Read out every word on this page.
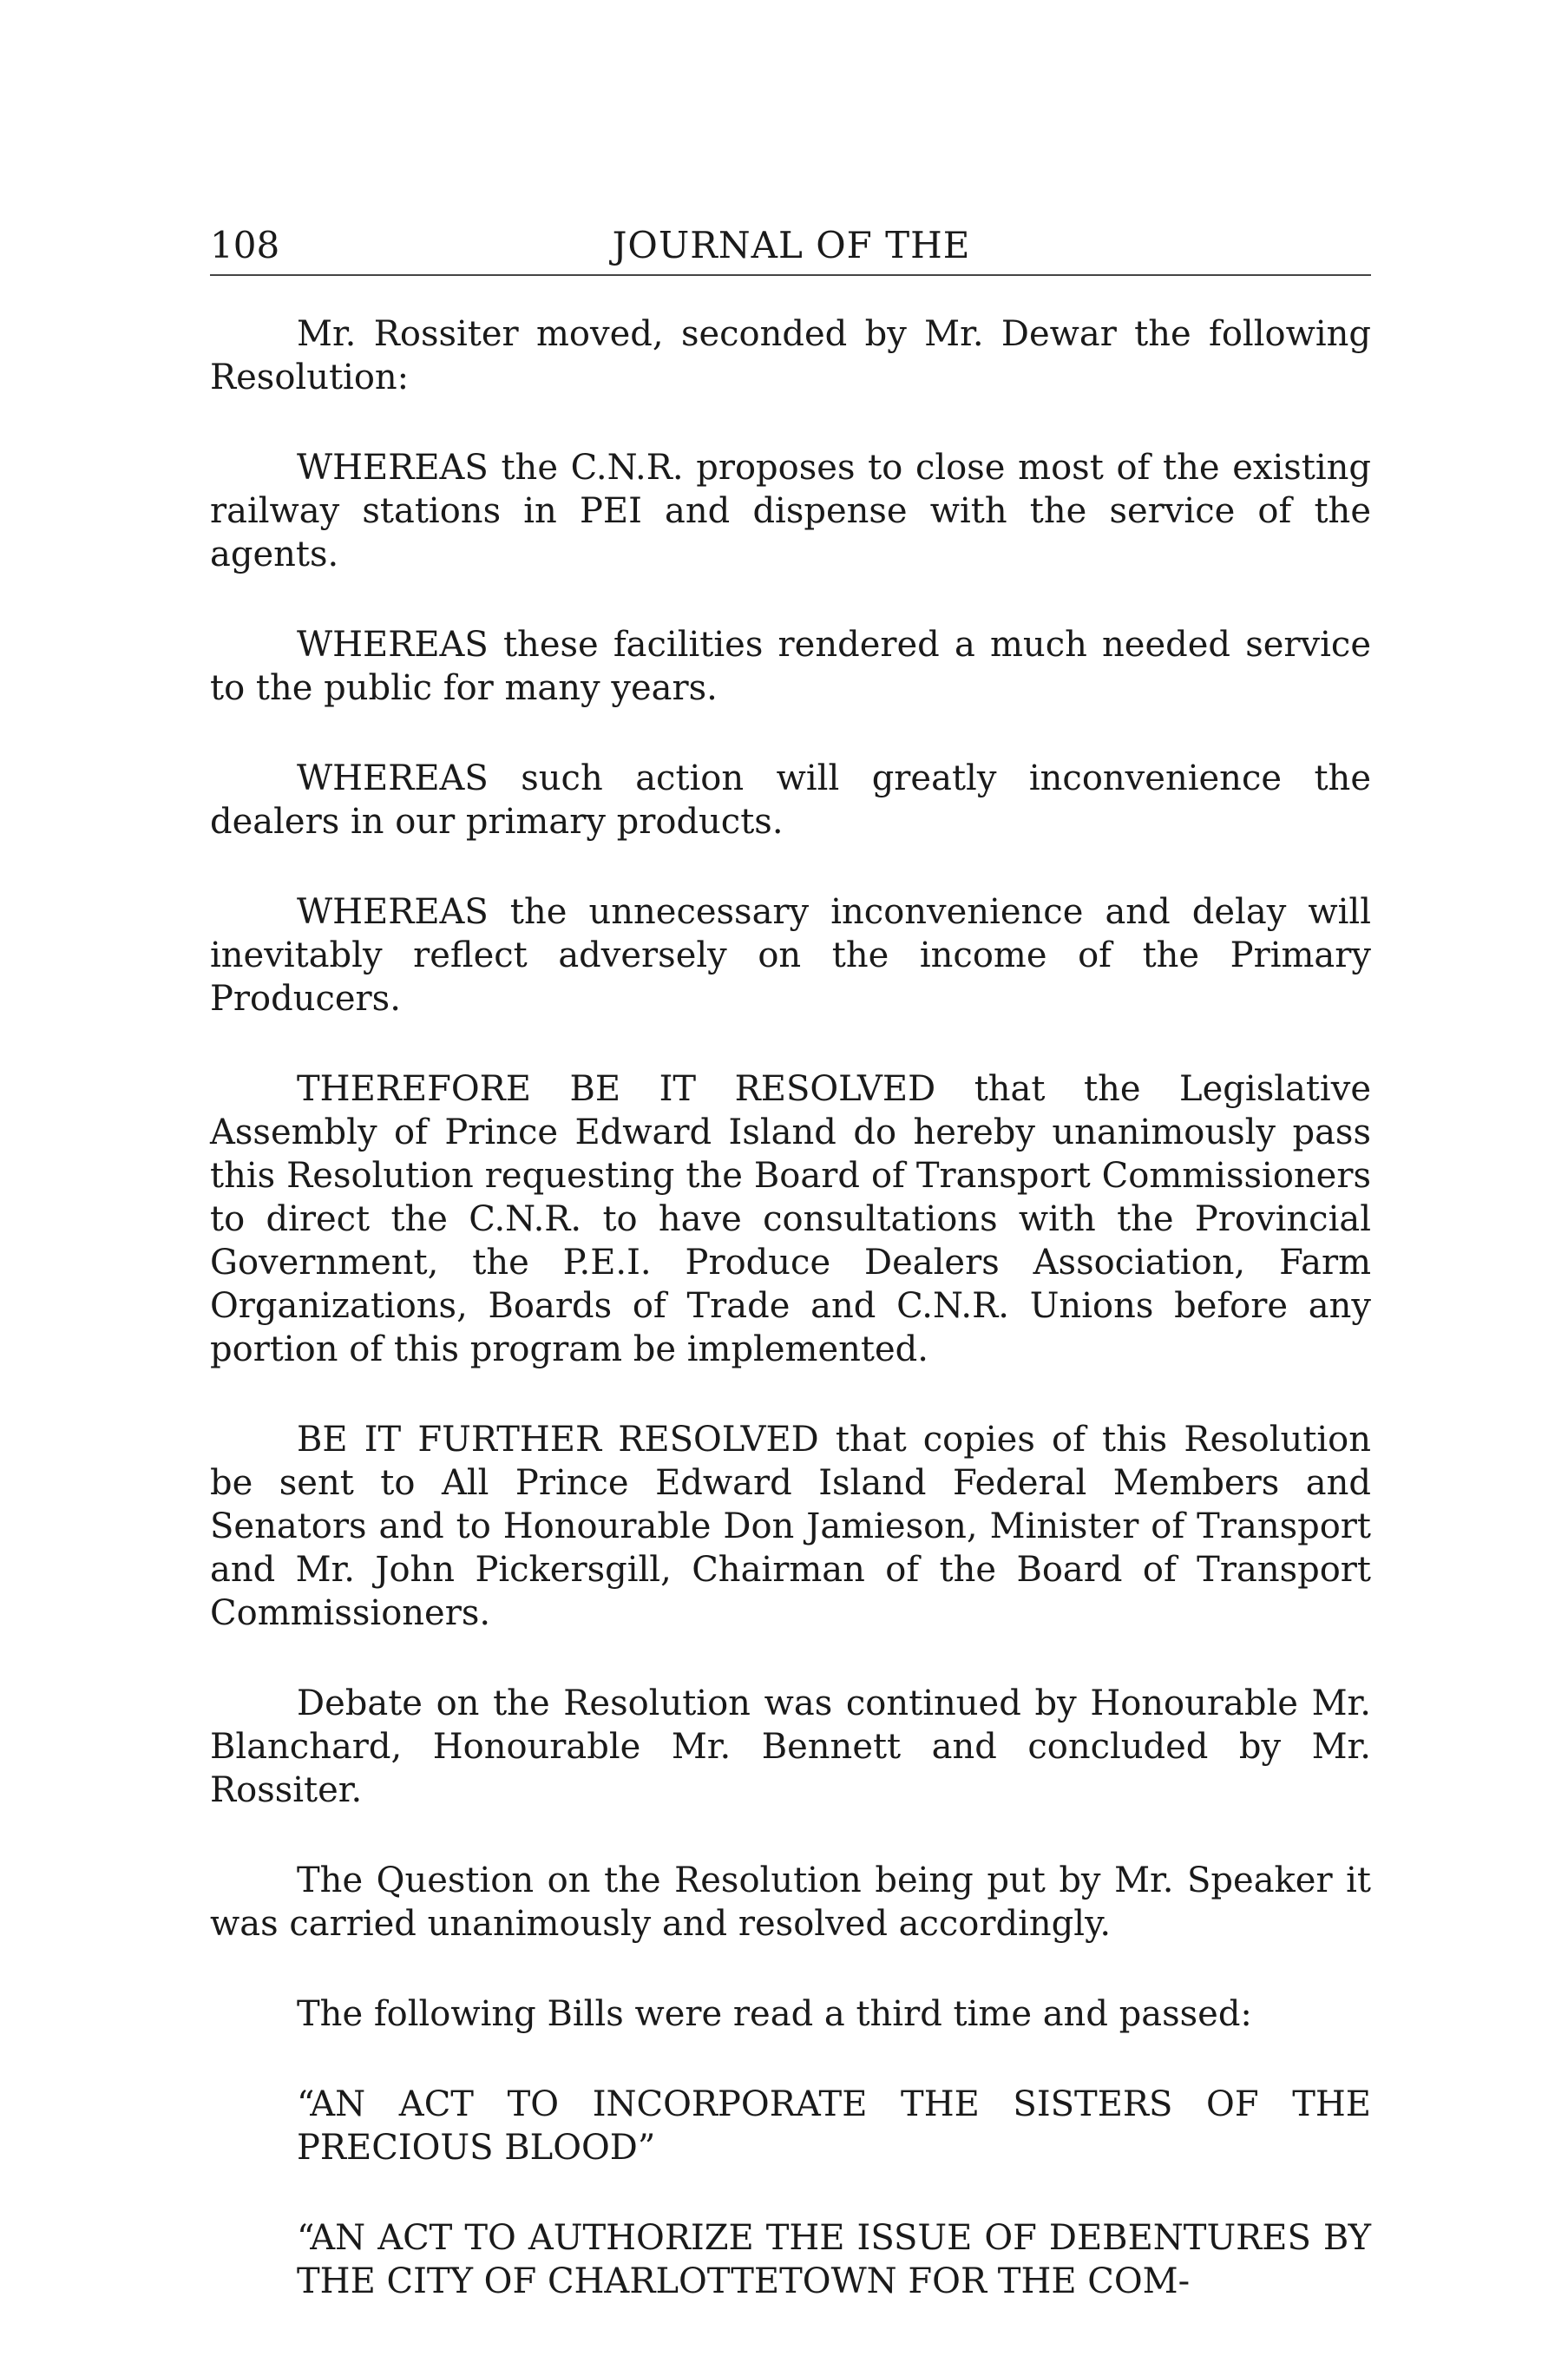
108	JOURNAL OF THE

Mr. Rossiter moved, seconded by Mr. Dewar the following Resolution:

WHEREAS the C.N.R. proposes to close most of the existing railway stations in PEI and dispense with the service of the agents.

WHEREAS these facilities rendered a much needed service to the public for many years.

WHEREAS such action will greatly inconvenience the dealers in our primary products.

WHEREAS the unnecessary inconvenience and delay will inevitably reflect adversely on the income of the Primary Producers.

THEREFORE BE IT RESOLVED that the Legislative Assembly of Prince Edward Island do hereby unanimously pass this Resolution requesting the Board of Transport Commissioners to direct the C.N.R. to have consultations with the Provincial Government, the P.E.I. Produce Dealers Association, Farm Organizations, Boards of Trade and C.N.R. Unions before any portion of this program be implemented.

BE IT FURTHER RESOLVED that copies of this Resolution be sent to All Prince Edward Island Federal Members and Senators and to Honourable Don Jamieson, Minister of Transport and Mr. John Pickersgill, Chairman of the Board of Transport Commissioners.

Debate on the Resolution was continued by Honourable Mr. Blanchard, Honourable Mr. Bennett and concluded by Mr. Rossiter.

The Question on the Resolution being put by Mr. Speaker it was carried unanimously and resolved accordingly.

The following Bills were read a third time and passed:

“AN ACT TO INCORPORATE THE SISTERS OF THE PRECIOUS BLOOD”

“AN ACT TO AUTHORIZE THE ISSUE OF DEBENTURES BY THE CITY OF CHARLOTTETOWN FOR THE COM-
